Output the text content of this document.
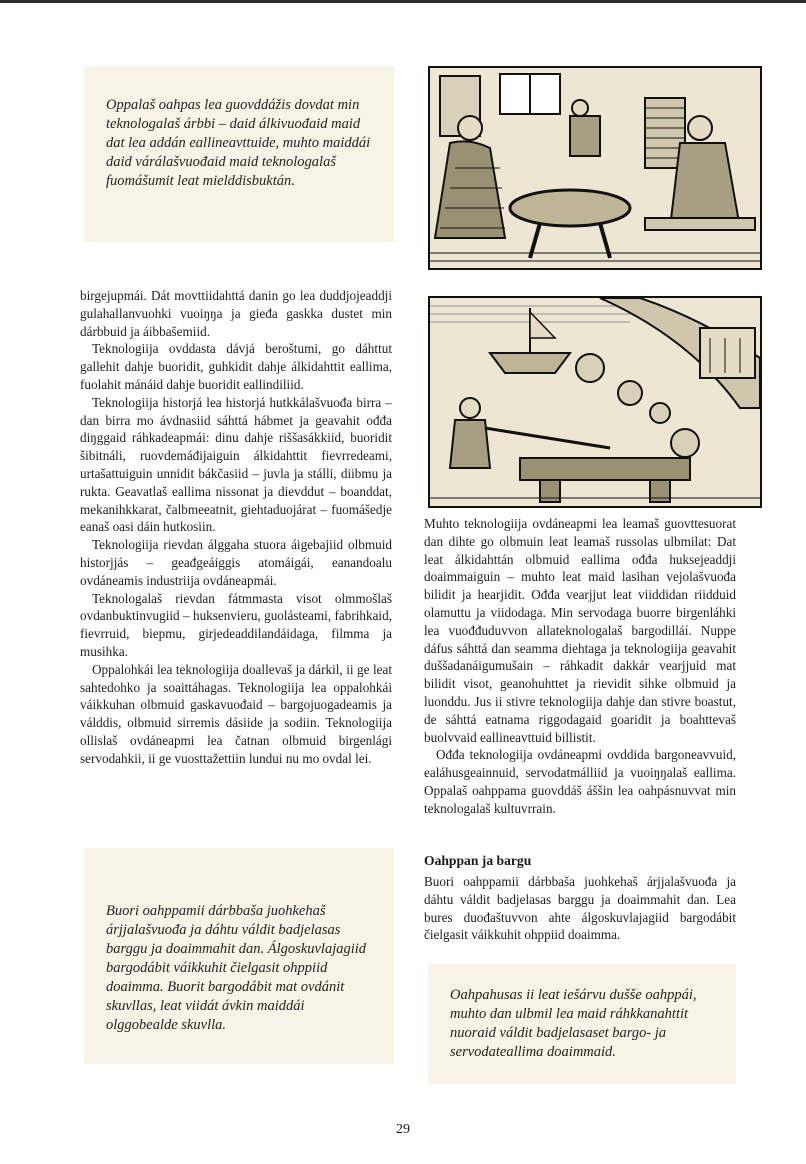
Oppalaš oahpas lea guovddážis dovdat min teknologalaš árbbi – daid álkivuođaid maid dat lea addán eallineavttuide, muhto maiddái daid várálašvuođaid maid teknologalaš fuomášumit leat mielddisbuktán.

birgejupmái. Dát movttiidahttá danin go lea duddjojeaddji gulahallanvuohki vuoiŋŋa ja gieđa gaskka dustet min dárbbuid ja áibbašemiid.

Teknologiija ovddasta dávjá beroštumi, go dáhttut gallehit dahje buoridit, guhkidit dahje álkidahttit eallima, fuolahit mánáid dahje buoridit eallindiliid.

Teknologiija historjá lea historjá hutkkálašvuođa birra – dan birra mo ávdnasiid sáhttá hábmet ja geavahit ođđa diŋggaid ráhkadeapmái: dinu dahje riššasákkiid, buoridit šibitnáli, ruovdemáđijaiguin álkidahttit fievrredeami, urtašattuiguin unnidit bákčasiid – juvla ja stálli, diibmu ja rukta. Geavatlaš eallima nissonat ja dievddut – boanddat, mekanihkkarat, čalbmeeatnit, giehtaduojárat – fuomášedje eanaš oasi dáin hutkosiin.

Teknologiija rievdan álggaha stuora áigebajiid olbmuid historjjás – geađgeáiggis atomáigái, eanandoalu ovdáneamis industriija ovdáneapmái.

Teknologalaš rievdan fátmmasta visot olmmošlaš ovdanbuktinvugiid – huksenvieru, guolásteami, fabrihkaid, fievrruid, biepmu, girjedeaddilandáidaga, filmma ja musihka.

Oppalohkái lea teknologiija doallevaš ja dárkil, ii ge leat sahtedohko ja soaittáhagas. Teknologiija lea oppalohkái váikkuhan olbmuid gaskavuođaid – bargojuogadeamis ja válddis, olbmuid sirremis dásiide ja sodiin. Teknologiija ollislaš ovdáneapmi lea čatnan olbmuid birgenlági servodahkii, ii ge vuosttažettiin lundui nu mo ovdal lei.

Muhto teknologiija ovdáneapmi lea leamaš guovttesuorat dan dihte go olbmuin leat leamaš russolas ulbmilat: Dat leat álkidahttán olbmuid eallima ođđa huksejeaddji doaimmaiguin – muhto leat maid lasihan vejolašvuođa bilidit ja hearjidit. Ođđa vearjjut leat viiddidan riidduid olamuttu ja viidodaga. Min servodaga buorre birgenláhki lea vuođđuduvvon allateknologalaš bargodilláí. Nuppe dáfus sáhttá dan seamma diehtaga ja teknologiija geavahit duššadanáigumušain – ráhkadit dakkár vearjjuid mat bilidit visot, geanohuhttet ja rievidit sihke olbmuid ja luonddu. Jus ii stivre teknologiija dahje dan stivre boastut, de sáhttá eatnama riggodagaid goaridit ja boahttevaš buolvvaid eallineavttuid billistit.

Ođđa teknologiija ovdáneapmi ovddida bargoneavvuid, ealáhusgeainnuid, servodatmálliid ja vuoiŋŋalaš eallima. Oppalaš oahppama guovddáš áššin lea oahpásnuvvat min teknologalaš kultuvrrain.

Oahppan ja bargu

Buori oahppamii dárbbaša juohkehaš árjjalašvuođa ja dáhtu váldit badjelasas barggu ja doaimmahit dan. Lea bures duođaštuvvon ahte álgoskuvlajagiid bargodábit čielgasit váikkuhit ohppiid doaimma.

Buori oahppamii dárbbaša juohkehaš árjjalašvuođa ja dáhtu váldit badjelasas barggu ja doaimmahit dan. Álgoskuvlajagiid bargodábit váikkuhit čielgasit ohppiid doaimma. Buorit bargodábit mat ovdánit skuvllas, leat viidát ávkin maiddái olggobealde skuvlla.

Oahpahusas ii leat iešárvu dušše oahppái, muhto dan ulbmil lea maid ráhkkanahttit nuoraid váldit badjelasaset bargo- ja servodateallima doaimmaid.

29
